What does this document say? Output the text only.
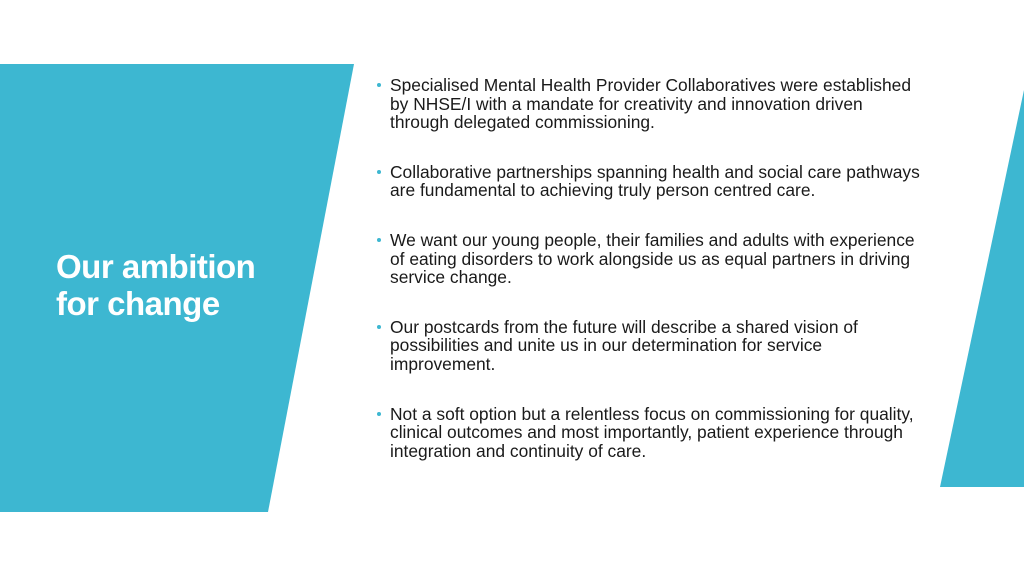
Our ambition
for change
Specialised Mental Health Provider Collaboratives were established by NHSE/I with a mandate for creativity and innovation driven through delegated commissioning.
Collaborative partnerships spanning health and social care pathways are fundamental to achieving truly person centred care.
We want our young people, their families and adults with experience of eating disorders to work alongside us as equal partners in driving service change.
Our postcards from the future will describe a shared vision of possibilities and unite us in our determination for service improvement.
Not a soft option but a relentless focus on commissioning for quality, clinical outcomes and most importantly, patient experience through integration and continuity of care.
